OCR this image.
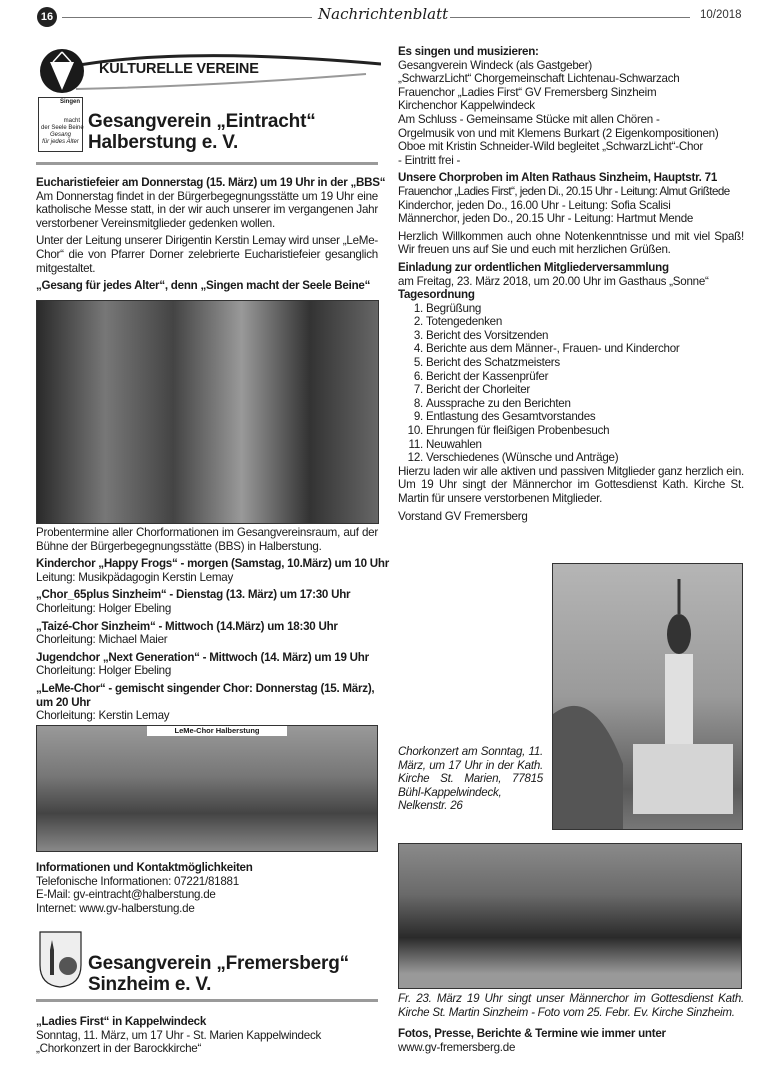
16	Nachrichtenblatt	10/2018
KULTURELLE VEREINE
Singen
macht
der Seele Beine
Gesang
für jedes Alter
Gesangverein „Eintracht“
Halberstung e. V.
Eucharistiefeier am Donnerstag (15. März) um 19 Uhr in der „BBS“
Am Donnerstag findet in der Bürgerbegegnungsstätte um 19 Uhr eine katholische Messe statt, in der wir auch unserer im vergangenen Jahr verstorbener Vereinsmitglieder gedenken wollen.
Unter der Leitung unserer Dirigentin Kerstin Lemay wird unser „LeMe-Chor“ die von Pfarrer Dorner zelebrierte Eucharistiefeier gesanglich mitgestaltet.
„Gesang für jedes Alter“, denn „Singen macht der Seele Beine“
Probentermine aller Chorformationen im Gesangvereinsraum, auf der Bühne der Bürgerbegegnungsstätte (BBS) in Halberstung.
Kinderchor „Happy Frogs“ - morgen (Samstag, 10.März) um 10 Uhr
Leitung: Musikpädagogin Kerstin Lemay
„Chor_65plus Sinzheim“ - Dienstag (13. März) um 17:30 Uhr
Chorleitung: Holger Ebeling
„Taizé-Chor Sinzheim“ - Mittwoch (14.März) um 18:30 Uhr
Chorleitung: Michael Maier
Jugendchor „Next Generation“ - Mittwoch (14. März) um 19 Uhr
Chorleitung: Holger Ebeling
„LeMe-Chor“ - gemischt singender Chor: Donnerstag (15. März), um 20 Uhr
Chorleitung: Kerstin Lemay
LeMe-Chor Halberstung
Informationen und Kontaktmöglichkeiten
Telefonische Informationen: 07221/81881
E-Mail: gv-eintracht@halberstung.de
Internet: www.gv-halberstung.de
Gesangverein „Fremersberg“
Sinzheim e. V.
„Ladies First“ in Kappelwindeck
Sonntag, 11. März, um 17 Uhr - St. Marien Kappelwindeck
„Chorkonzert in der Barockkirche“
Es singen und musizieren:
Gesangverein Windeck (als Gastgeber)
„SchwarzLicht“ Chorgemeinschaft Lichtenau-Schwarzach
Frauenchor „Ladies First“ GV Fremersberg Sinzheim
Kirchenchor Kappelwindeck
Am Schluss - Gemeinsame Stücke mit allen Chören -
Orgelmusik von und mit Klemens Burkart (2 Eigenkompositionen)
Oboe mit Kristin Schneider-Wild begleitet „SchwarzLicht“-Chor
- Eintritt frei -
Unsere Chorproben im Alten Rathaus Sinzheim, Hauptstr. 71
Frauenchor „Ladies First“, jeden Di., 20.15 Uhr - Leitung: Almut Grißtede
Kinderchor, jeden Do., 16.00 Uhr - Leitung: Sofia Scalisi
Männerchor, jeden Do., 20.15 Uhr - Leitung: Hartmut Mende
Herzlich Willkommen auch ohne Notenkenntnisse und mit viel Spaß! Wir freuen uns auf Sie und euch mit herzlichen Grüßen.
Einladung zur ordentlichen Mitgliederversammlung
am Freitag, 23. März 2018, um 20.00 Uhr im Gasthaus „Sonne“
Tagesordnung
1. Begrüßung
2. Totengedenken
3. Bericht des Vorsitzenden
4. Berichte aus dem Männer-, Frauen- und Kinderchor
5. Bericht des Schatzmeisters
6. Bericht der Kassenprüfer
7. Bericht der Chorleiter
8. Aussprache zu den Berichten
9. Entlastung des Gesamtvorstandes
10. Ehrungen für fleißigen Probenbesuch
11. Neuwahlen
12. Verschiedenes (Wünsche und Anträge)
Hierzu laden wir alle aktiven und passiven Mitglieder ganz herzlich ein. Um 19 Uhr singt der Männerchor im Gottesdienst Kath. Kirche St. Martin für unsere verstorbenen Mitglieder.
Vorstand GV Fremersberg
Chorkonzert am Sonntag, 11. März, um 17 Uhr in der Kath. Kirche St. Marien, 77815 Bühl-Kappelwindeck, Nelkenstr. 26
Fr. 23. März 19 Uhr singt unser Männerchor im Gottesdienst Kath. Kirche St. Martin Sinzheim - Foto vom 25. Febr. Ev. Kirche Sinzheim.
Fotos, Presse, Berichte & Termine wie immer unter
www.gv-fremersberg.de
